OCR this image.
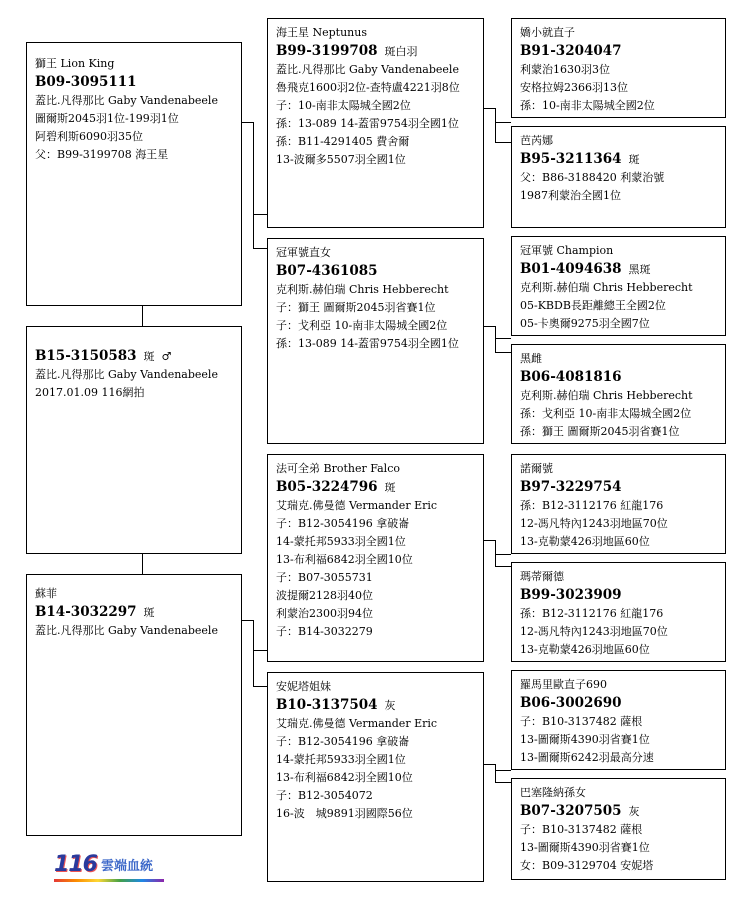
獅王 Lion King
B09-3095111
蓋比.凡得那比 Gaby Vandenabeele
圖爾斯2045羽1位-199羽1位
阿碧利斯6090羽35位
父：B99-3199708 海王星
B15-3150583  斑  ♂
蓋比.凡得那比 Gaby Vandenabeele
2017.01.09 116網拍
蘇菲
B14-3032297  斑
蓋比.凡得那比 Gaby Vandenabeele
海王星 Neptunus
B99-3199708  斑白羽
蓋比.凡得那比 Gaby Vandenabeele
魯飛克1600羽2位-查特盧4221羽8位
子：10-南非太陽城全國2位
孫：13-089 14-蓋雷9754羽全國1位
孫：B11-4291405 費舍爾
13-波爾多5507羽全國1位
冠軍號直女
B07-4361085
克利斯.赫伯瑞 Chris Hebberecht
子：獅王 圖爾斯2045羽省賽1位
子：戈利亞 10-南非太陽城全國2位
孫：13-089 14-蓋雷9754羽全國1位
法可全弟 Brother Falco
B05-3224796  斑
艾瑞克.佛曼德 Vermander Eric
子：B12-3054196 拿破崙
14-蒙托邦5933羽全國1位
13-布利福6842羽全國10位
子：B07-3055731
波提爾2128羽40位
利蒙治2300羽94位
子：B14-3032279
安妮塔姐妹
B10-3137504  灰
艾瑞克.佛曼德 Vermander Eric
子：B12-3054196 拿破崙
14-蒙托邦5933羽全國1位
13-布利福6842羽全國10位
子：B12-3054072
16-波　城9891羽國際56位
嬌小就直子
B91-3204047
利蒙治1630羽3位
安格拉姆2366羽13位
孫：10-南非太陽城全國2位
芭芮娜
B95-3211364  斑
父：B86-3188420 利蒙治號
1987利蒙治全國1位
冠軍號 Champion
B01-4094638  黑斑
克利斯.赫伯瑞 Chris Hebberecht
05-KBDB長距離總王全國2位
05-卡奧爾9275羽全國7位
黑雌
B06-4081816
克利斯.赫伯瑞 Chris Hebberecht
孫：戈利亞 10-南非太陽城全國2位
孫：獅王 圖爾斯2045羽省賽1位
諾爾號
B97-3229754
孫：B12-3112176 紅龍176
12-馮凡特內1243羽地區70位
13-克勒蒙426羽地區60位
瑪蒂爾德
B99-3023909
孫：B12-3112176 紅龍176
12-馮凡特內1243羽地區70位
13-克勒蒙426羽地區60位
羅馬里歐直子690
B06-3002690
子：B10-3137482 薩根
13-圖爾斯4390羽省賽1位
13-圖爾斯6242羽最高分速
巴塞隆納孫女
B07-3207505  灰
子：B10-3137482 薩根
13-圖爾斯4390羽省賽1位
女：B09-3129704 安妮塔
116 雲端血統
